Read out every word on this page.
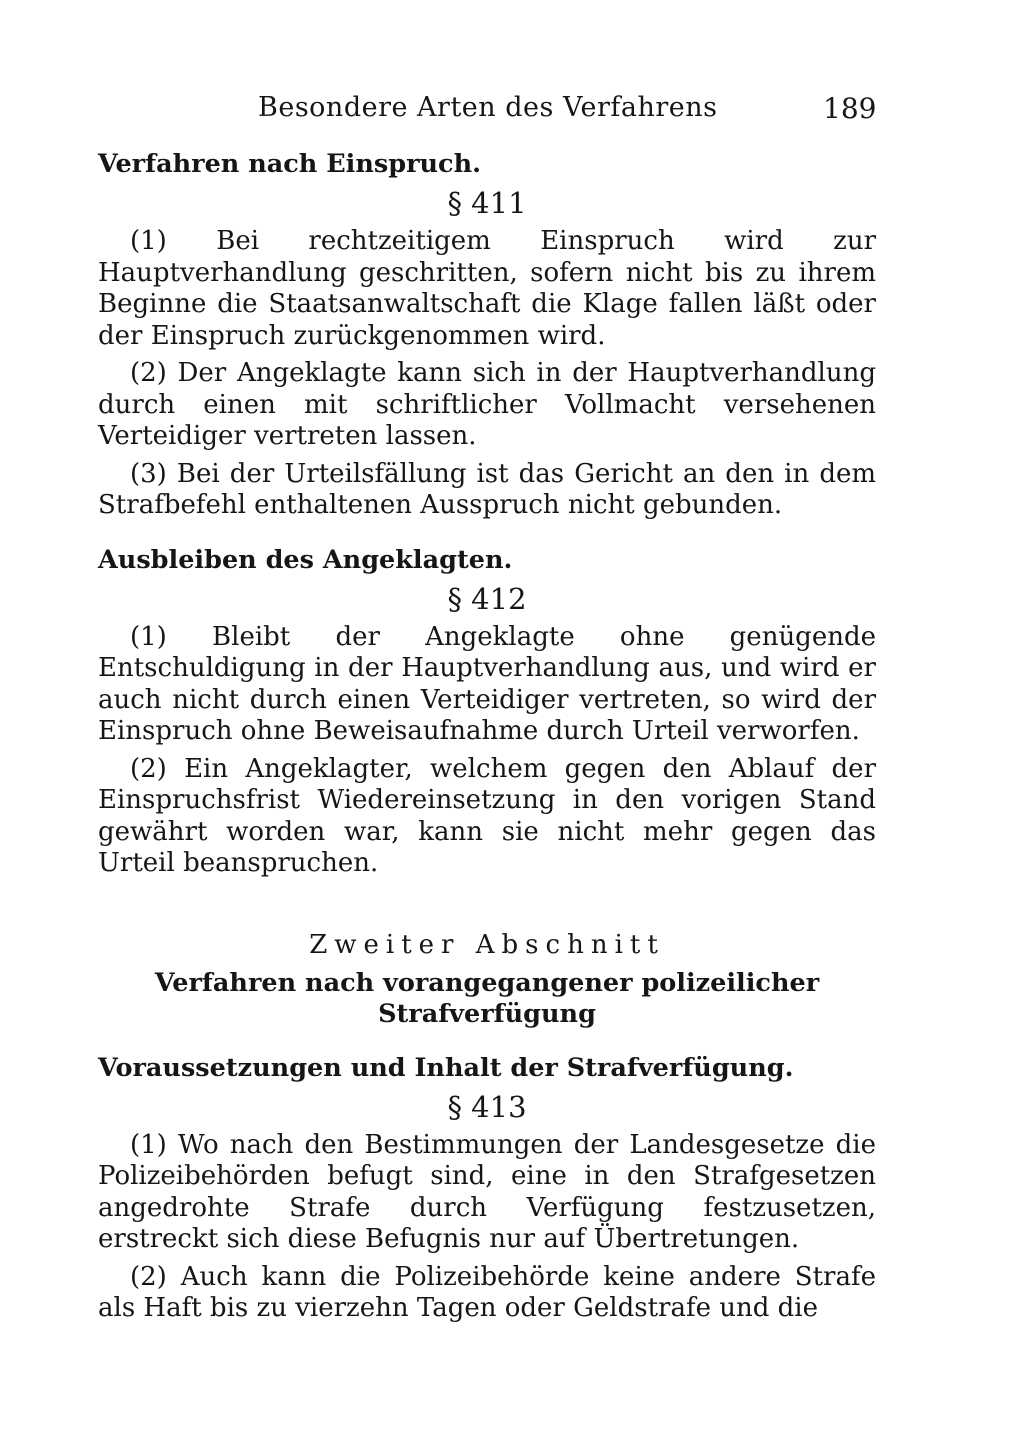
Besondere Arten des Verfahrens	189

Verfahren nach Einspruch.

§ 411

(1) Bei rechtzeitigem Einspruch wird zur Hauptverhandlung geschritten, sofern nicht bis zu ihrem Beginne die Staatsanwaltschaft die Klage fallen läßt oder der Einspruch zurückgenommen wird.

(2) Der Angeklagte kann sich in der Hauptverhandlung durch einen mit schriftlicher Vollmacht versehenen Verteidiger vertreten lassen.

(3) Bei der Urteilsfällung ist das Gericht an den in dem Strafbefehl enthaltenen Ausspruch nicht gebunden.

Ausbleiben des Angeklagten.

§ 412

(1) Bleibt der Angeklagte ohne genügende Entschuldigung in der Hauptverhandlung aus, und wird er auch nicht durch einen Verteidiger vertreten, so wird der Einspruch ohne Beweisaufnahme durch Urteil verworfen.

(2) Ein Angeklagter, welchem gegen den Ablauf der Einspruchsfrist Wiedereinsetzung in den vorigen Stand gewährt worden war, kann sie nicht mehr gegen das Urteil beanspruchen.

Zweiter Abschnitt

Verfahren nach vorangegangener polizeilicher Strafverfügung

Voraussetzungen und Inhalt der Strafverfügung.

§ 413

(1) Wo nach den Bestimmungen der Landesgesetze die Polizeibehörden befugt sind, eine in den Strafgesetzen angedrohte Strafe durch Verfügung festzusetzen, erstreckt sich diese Befugnis nur auf Übertretungen.

(2) Auch kann die Polizeibehörde keine andere Strafe als Haft bis zu vierzehn Tagen oder Geldstrafe und die
